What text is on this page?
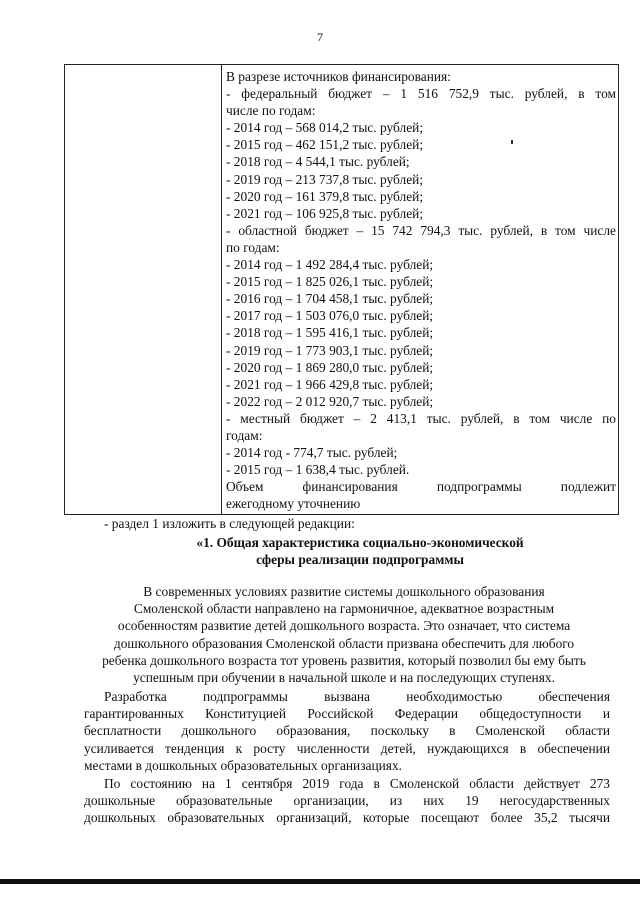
7
В разрезе источников финансирования:
- федеральный бюджет – 1 516 752,9 тыс. рублей, в том
числе по годам:
- 2014 год – 568 014,2 тыс. рублей;
- 2015 год – 462 151,2 тыс. рублей;
- 2018 год – 4 544,1 тыс. рублей;
- 2019 год – 213 737,8 тыс. рублей;
- 2020 год – 161 379,8 тыс. рублей;
- 2021 год – 106 925,8 тыс. рублей;
- областной бюджет – 15 742 794,3 тыс. рублей, в том числе
по годам:
- 2014 год – 1 492 284,4 тыс. рублей;
- 2015 год – 1 825 026,1 тыс. рублей;
- 2016 год – 1 704 458,1 тыс. рублей;
- 2017 год – 1 503 076,0 тыс. рублей;
- 2018 год – 1 595 416,1 тыс. рублей;
- 2019 год – 1 773 903,1 тыс. рублей;
- 2020 год – 1 869 280,0 тыс. рублей;
- 2021 год – 1 966 429,8 тыс. рублей;
- 2022 год – 2 012 920,7 тыс. рублей;
- местный бюджет – 2 413,1 тыс. рублей, в том числе по
годам:
- 2014 год - 774,7 тыс. рублей;
- 2015 год – 1 638,4 тыс. рублей.
Объем финансирования подпрограммы подлежит
ежегодному уточнению
- раздел 1 изложить в следующей редакции:
«1. Общая характеристика социально-экономической
сферы реализации подпрограммы
В современных условиях развитие системы дошкольного образования
Смоленской области направлено на гармоничное, адекватное возрастным
особенностям развитие детей дошкольного возраста. Это означает, что система
дошкольного образования Смоленской области призвана обеспечить для любого
ребенка дошкольного возраста тот уровень развития, который позволил бы ему быть
успешным при обучении в начальной школе и на последующих ступенях.
Разработка подпрограммы вызвана необходимостью обеспечения
гарантированных Конституцией Российской Федерации общедоступности и
бесплатности дошкольного образования, поскольку в Смоленской области
усиливается тенденция к росту численности детей, нуждающихся в обеспечении
местами в дошкольных образовательных организациях.
По состоянию на 1 сентября 2019 года в Смоленской области действует 273
дошкольные образовательные организации, из них 19 негосударственных
дошкольных образовательных организаций, которые посещают более 35,2 тысячи
